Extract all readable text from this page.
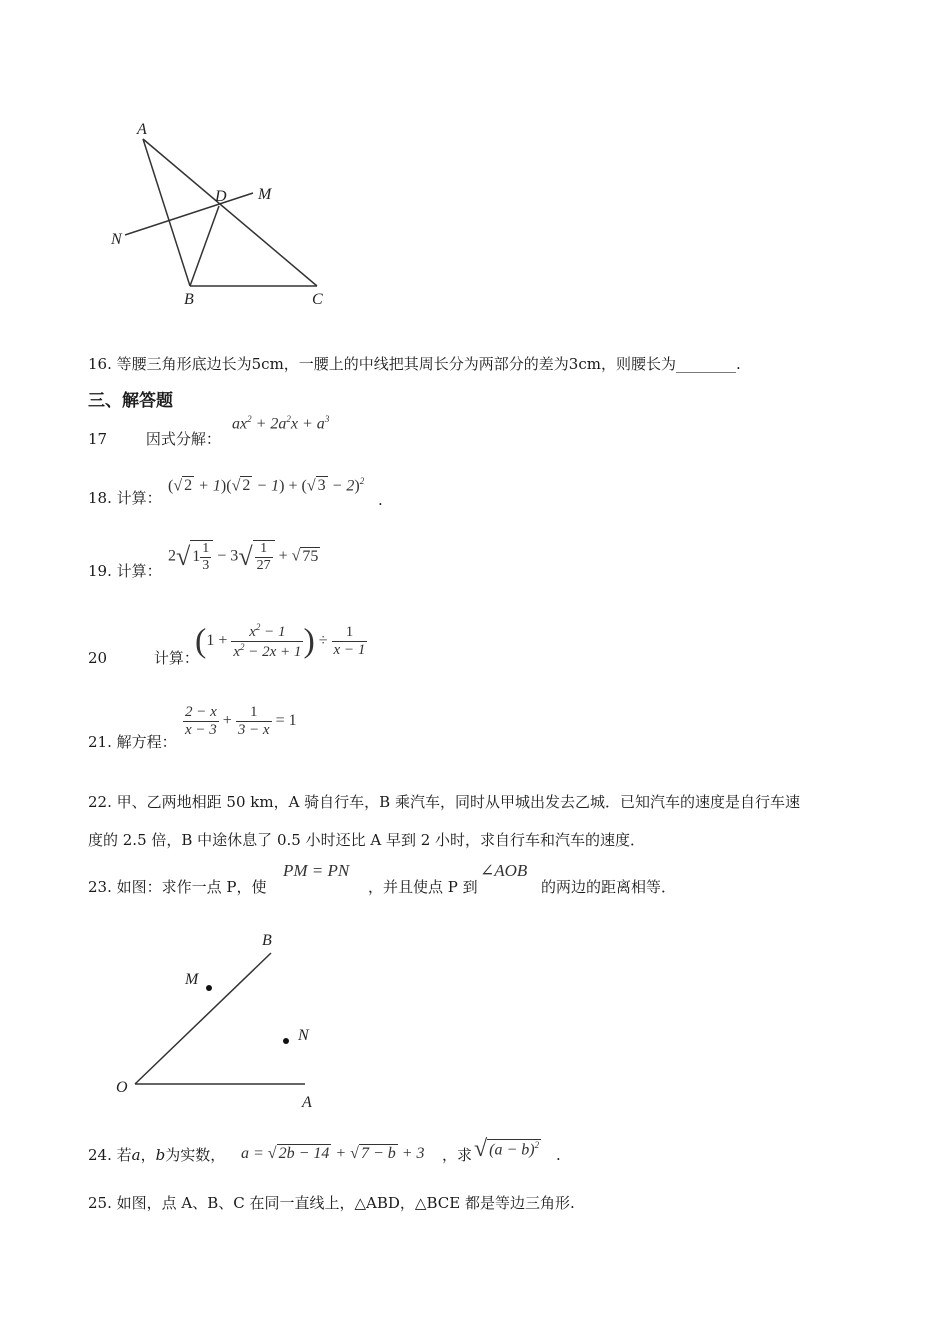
A
B	C
D M
N
16. 等腰三角形底边长为5cm，一腰上的中线把其周长分为两部分的差为3cm，则腰长为________.
三、解答题
17	因式分解：
$ax^2 + 2a^2x + a^3$
18. 计算：
(√ 2 + 1)(√ 2 − 1) + (√ 3 − 2)$^2$
.
19. 计算：
2√ $1 \frac{1}{3} - 3√ \frac{1}{27}$ + √ 75
20	计算：
($1 + \frac{x^2 - 1}{x^2 - 2x + 1}$ ) ÷ $\frac{1}{x - 1}$
21. 解方程：
$\frac{2 - x}{x - 3} + \frac{1}{3 - x} = 1$
22. 甲、乙两地相距 50 km，A 骑自行车，B 乘汽车，同时从甲城出发去乙城．已知汽车的速度是自行车速
度的 2.5 倍，B 中途休息了 0.5 小时还比 A 早到 2 小时，求自行车和汽车的速度．
23. 如图：求作一点 P，使
PM = PN
，并且使点 P 到
∠AOB
的两边的距离相等．
O
A
B
M
N
24. 若a，b为实数， a = √ 2b − 14 + √ 7 − b + 3 ，求 √ $(a - b)^2$
.
25. 如图，点 A、B、C 在同一直线上，△ABD，△BCE 都是等边三角形.
